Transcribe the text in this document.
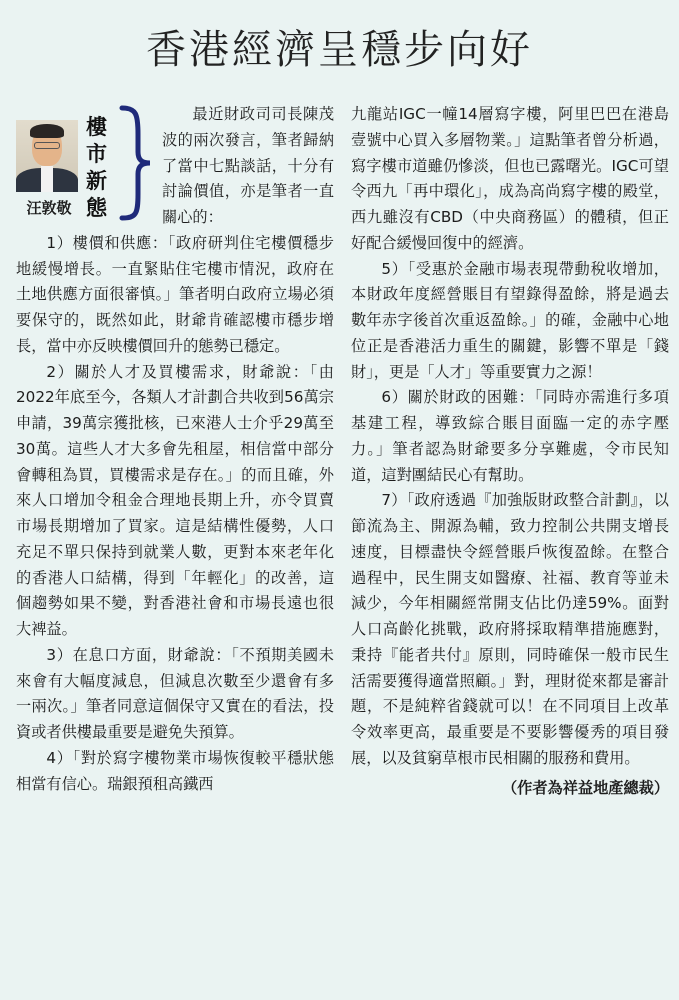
香港經濟呈穩步向好
汪敦敬
樓
市
新
態

最近財政司司長陳茂波的兩次發言，筆者歸納了當中七點談話，十分有討論價值，亦是筆者一直關心的：

1）樓價和供應：「政府研判住宅樓價穩步地緩慢增長。一直緊貼住宅樓市情況，政府在土地供應方面很審慎。」筆者明白政府立場必須要保守的，既然如此，財爺肯確認樓市穩步增長，當中亦反映樓價回升的態勢已穩定。

2）關於人才及買樓需求，財爺說：「由2022年底至今，各類人才計劃合共收到56萬宗申請，39萬宗獲批核，已來港人士介乎29萬至30萬。這些人才大多會先租屋，相信當中部分會轉租為買，買樓需求是存在。」的而且確，外來人口增加令租金合理地長期上升，亦令買賣市場長期增加了買家。這是結構性優勢，人口充足不單只保持到就業人數，更對本來老年化的香港人口結構，得到「年輕化」的改善，這個趨勢如果不變，對香港社會和市場長遠也很大裨益。

3）在息口方面，財爺說：「不預期美國未來會有大幅度減息，但減息次數至少還會有多一兩次。」筆者同意這個保守又實在的看法，投資或者供樓最重要是避免失預算。

4）「對於寫字樓物業市場恢復較平穩狀態相當有信心。瑞銀預租高鐵西

九龍站IGC一幢14層寫字樓，阿里巴巴在港島壹號中心買入多層物業。」這點筆者曾分析過，寫字樓市道雖仍慘淡，但也已露曙光。IGC可望令西九「再中環化」，成為高尚寫字樓的殿堂，西九雖沒有CBD（中央商務區）的體積，但正好配合緩慢回復中的經濟。

5）「受惠於金融市場表現帶動稅收增加，本財政年度經營賬目有望錄得盈餘，將是過去數年赤字後首次重返盈餘。」的確，金融中心地位正是香港活力重生的關鍵，影響不單是「錢財」，更是「人才」等重要實力之源！

6）關於財政的困難：「同時亦需進行多項基建工程，導致綜合賬目面臨一定的赤字壓力。」筆者認為財爺要多分享難處，令市民知道，這對團結民心有幫助。

7）「政府透過『加強版財政整合計劃』，以節流為主、開源為輔，致力控制公共開支增長速度，目標盡快令經營賬戶恢復盈餘。在整合過程中，民生開支如醫療、社福、教育等並未減少，今年相關經常開支佔比仍達59%。面對人口高齡化挑戰，政府將採取精準措施應對，秉持『能者共付』原則，同時確保一般市民生活需要獲得適當照顧。」對，理財從來都是審計題，不是純粹省錢就可以！在不同項目上改革令效率更高，最重要是不要影響優秀的項目發展，以及貧窮草根市民相關的服務和費用。

（作者為祥益地產總裁）
